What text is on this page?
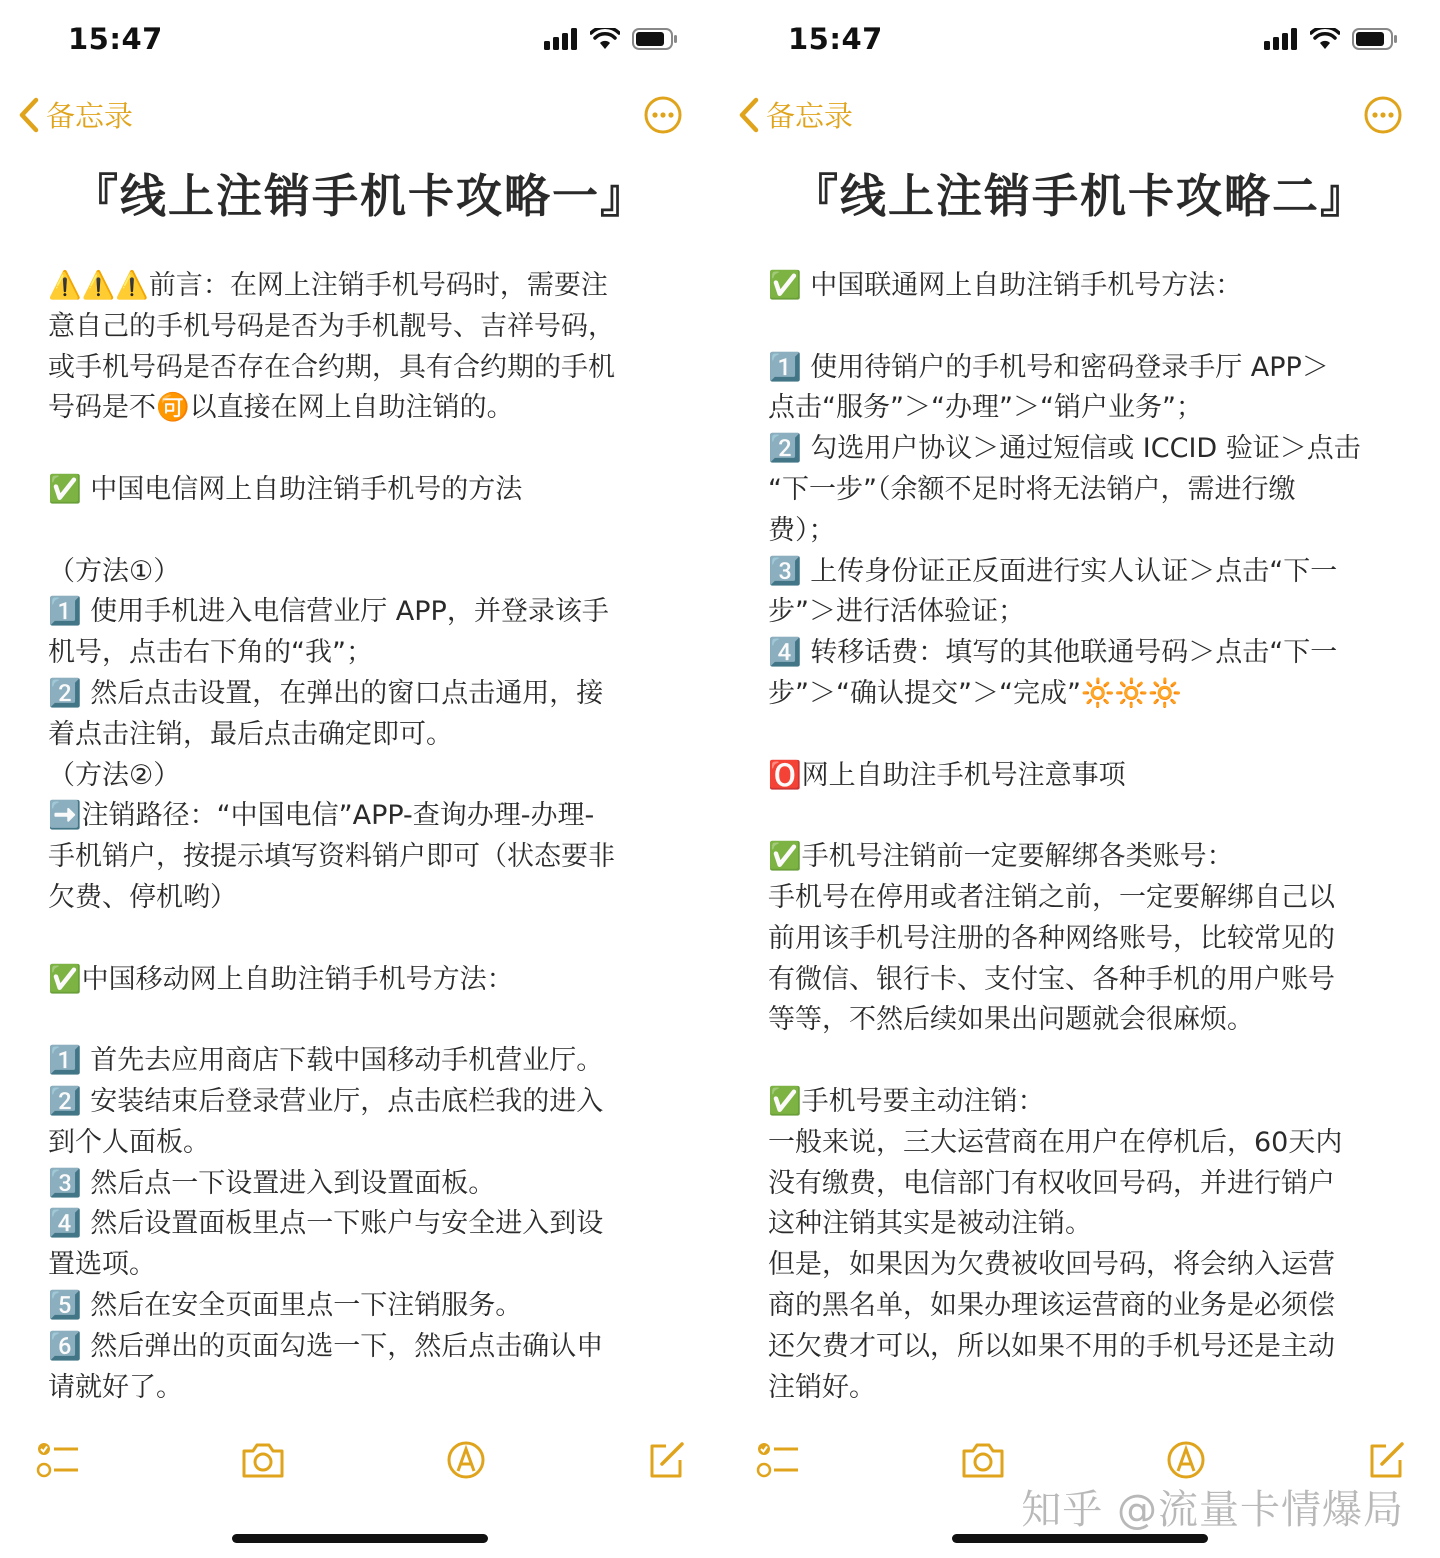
15:47
备忘录
『线上注销手机卡攻略一』

⚠️⚠️⚠️前言：在网上注销手机号码时，需要注

意自己的手机号码是否为手机靓号、吉祥号码，

或手机号码是否存在合约期，具有合约期的手机

号码是不🉑以直接在网上自助注销的。

✅ 中国电信网上自助注销手机号的方法

（方法①）

1️⃣ 使用手机进入电信营业厅 APP，并登录该手

机号，点击右下角的“我”；

2️⃣ 然后点击设置，在弹出的窗口点击通用，接

着点击注销，最后点击确定即可。

（方法②）

➡️注销路径：“中国电信”APP-查询办理-办理-

手机销户，按提示填写资料销户即可（状态要非

欠费、停机哟）

✅中国移动网上自助注销手机号方法：

1️⃣ 首先去应用商店下载中国移动手机营业厅。

2️⃣ 安装结束后登录营业厅，点击底栏我的进入

到个人面板。

3️⃣ 然后点一下设置进入到设置面板。

4️⃣ 然后设置面板里点一下账户与安全进入到设

置选项。

5️⃣ 然后在安全页面里点一下注销服务。

6️⃣ 然后弹出的页面勾选一下，然后点击确认申

请就好了。

15:47
备忘录
『线上注销手机卡攻略二』

✅ 中国联通网上自助注销手机号方法：

1️⃣ 使用待销户的手机号和密码登录手厅 APP＞

点击“服务”＞“办理”＞“销户业务”；

2️⃣ 勾选用户协议＞通过短信或 ICCID 验证＞点击

“下一步”（余额不足时将无法销户，需进行缴

费）；

3️⃣ 上传身份证正反面进行实人认证＞点击“下一

步”＞进行活体验证；

4️⃣ 转移话费：填写的其他联通号码＞点击“下一

步”＞“确认提交”＞“完成”🔆🔆🔆

🅾️网上自助注手机号注意事项

✅手机号注销前一定要解绑各类账号：

手机号在停用或者注销之前，一定要解绑自己以

前用该手机号注册的各种网络账号，比较常见的

有微信、银行卡、支付宝、各种手机的用户账号

等等，不然后续如果出问题就会很麻烦。

✅手机号要主动注销：

一般来说，三大运营商在用户在停机后，60天内

没有缴费，电信部门有权收回号码，并进行销户

这种注销其实是被动注销。

但是，如果因为欠费被收回号码，将会纳入运营

商的黑名单，如果办理该运营商的业务是必须偿

还欠费才可以，所以如果不用的手机号还是主动

注销好。

知乎 @流量卡情爆局
